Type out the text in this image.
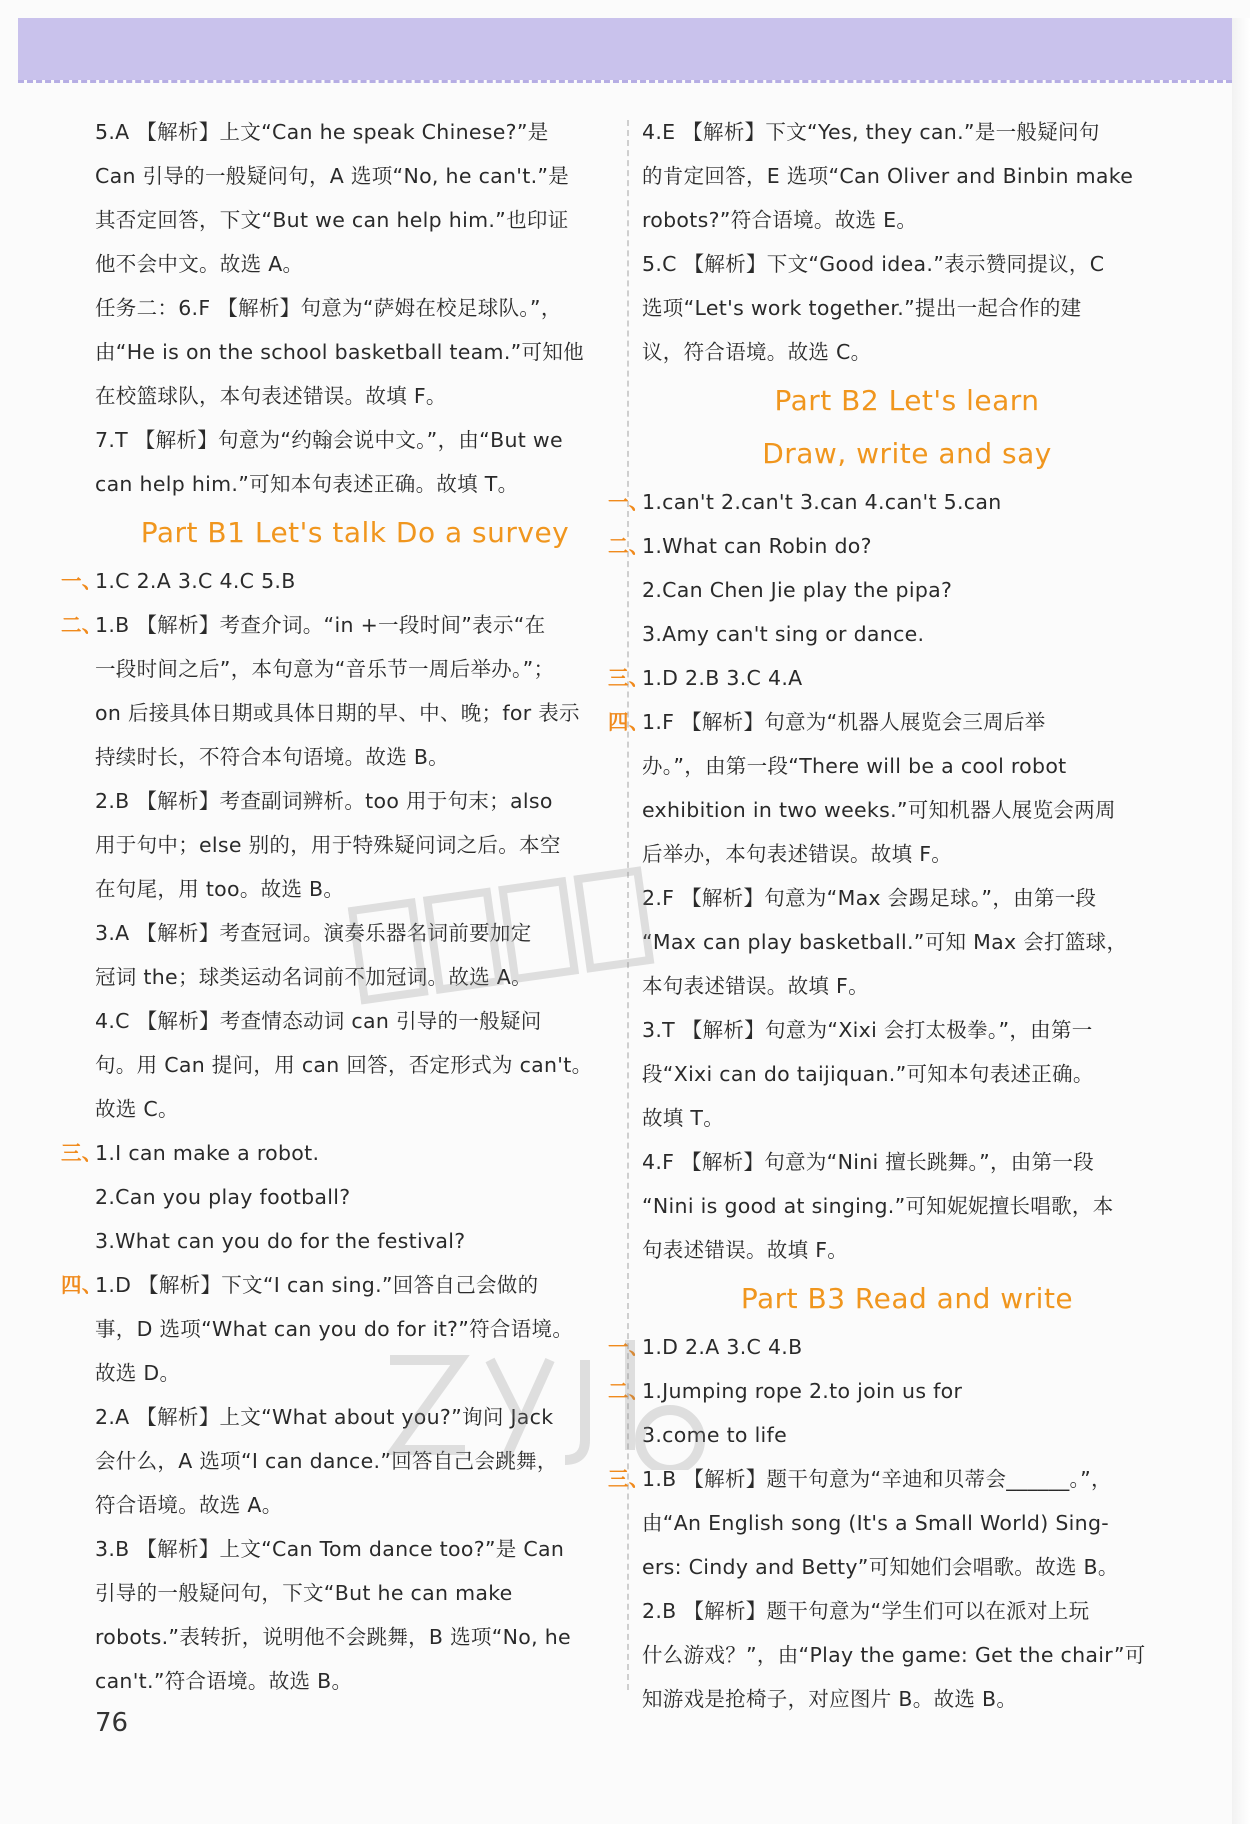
5.A 【解析】上文“Can he speak Chinese?”是
Can 引导的一般疑问句，A 选项“No, he can't.”是
其否定回答，下文“But we can help him.”也印证
他不会中文。故选 A。
任务二：6.F 【解析】句意为“萨姆在校足球队。”，
由“He is on the school basketball team.”可知他
在校篮球队，本句表述错误。故填 F。
7.T 【解析】句意为“约翰会说中文。”，由“But we
can help him.”可知本句表述正确。故填 T。
Part B1 Let's talk Do a survey
一、1.C 2.A 3.C 4.C 5.B
二、1.B 【解析】考查介词。“in +一段时间”表示“在
一段时间之后”，本句意为“音乐节一周后举办。”；
on 后接具体日期或具体日期的早、中、晚；for 表示
持续时长，不符合本句语境。故选 B。
2.B 【解析】考查副词辨析。too 用于句末；also
用于句中；else 别的，用于特殊疑问词之后。本空
在句尾，用 too。故选 B。
3.A 【解析】考查冠词。演奏乐器名词前要加定
冠词 the；球类运动名词前不加冠词。故选 A。
4.C 【解析】考查情态动词 can 引导的一般疑问
句。用 Can 提问，用 can 回答，否定形式为 can't。
故选 C。
三、1.I can make a robot.
2.Can you play football?
3.What can you do for the festival?
四、1.D 【解析】下文“I can sing.”回答自己会做的
事，D 选项“What can you do for it?”符合语境。
故选 D。
2.A 【解析】上文“What about you?”询问 Jack
会什么，A 选项“I can dance.”回答自己会跳舞，
符合语境。故选 A。
3.B 【解析】上文“Can Tom dance too?”是 Can
引导的一般疑问句，下文“But he can make
robots.”表转折，说明他不会跳舞，B 选项“No, he
can't.”符合语境。故选 B。
4.E 【解析】下文“Yes, they can.”是一般疑问句
的肯定回答，E 选项“Can Oliver and Binbin make
robots?”符合语境。故选 E。
5.C 【解析】下文“Good idea.”表示赞同提议，C
选项“Let's work together.”提出一起合作的建
议，符合语境。故选 C。
Part B2 Let's learn
Draw, write and say
一、1.can't 2.can't 3.can 4.can't 5.can
二、1.What can Robin do?
2.Can Chen Jie play the pipa?
3.Amy can't sing or dance.
三、1.D 2.B 3.C 4.A
四、1.F 【解析】句意为“机器人展览会三周后举
办。”，由第一段“There will be a cool robot
exhibition in two weeks.”可知机器人展览会两周
后举办，本句表述错误。故填 F。
2.F 【解析】句意为“Max 会踢足球。”，由第一段
“Max can play basketball.”可知 Max 会打篮球，
本句表述错误。故填 F。
3.T 【解析】句意为“Xixi 会打太极拳。”，由第一
段“Xixi can do taijiquan.”可知本句表述正确。
故填 T。
4.F 【解析】句意为“Nini 擅长跳舞。”，由第一段
“Nini is good at singing.”可知妮妮擅长唱歌，本
句表述错误。故填 F。
Part B3 Read and write
一、1.D 2.A 3.C 4.B
二、1.Jumping rope 2.to join us for
3.come to life
三、1.B 【解析】题干句意为“辛迪和贝蒂会______。”，
由“An English song (It's a Small World) Sing-
ers: Cindy and Betty”可知她们会唱歌。故选 B。
2.B 【解析】题干句意为“学生们可以在派对上玩
什么游戏？”，由“Play the game: Get the chair”可
知游戏是抢椅子，对应图片 B。故选 B。
76
